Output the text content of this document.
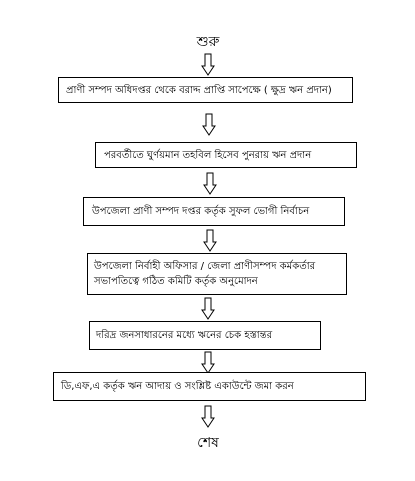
শুরু
প্রাণী সম্পদ অধিদপ্তর থেকে বরাদ্দ প্রাপ্তি সাপেক্ষে ( ক্ষুদ্র ঋন প্রদান)
পরবর্তীতে ঘুর্ণয়মান তহবিল হিসেব পুনরায় ঋন প্রদান
উপজেলা প্রাণী সম্পদ দপ্তর কর্তৃক সুফল ভোগী নির্বাচন
উপজেলা নির্বাহী অফিসার / জেলা প্রাণীসম্পদ কর্মকর্তার সভাপতিত্বে গঠিত কমিটি কর্তৃক অনুমোদন
দরিদ্র জনসাধারনের মধ্যে ঋনের চেক হস্তান্তর
ডি,এফ,এ কর্তৃক ঋন আদায় ও সংশ্লিষ্ট একাউন্টে জমা করন
শেষ
